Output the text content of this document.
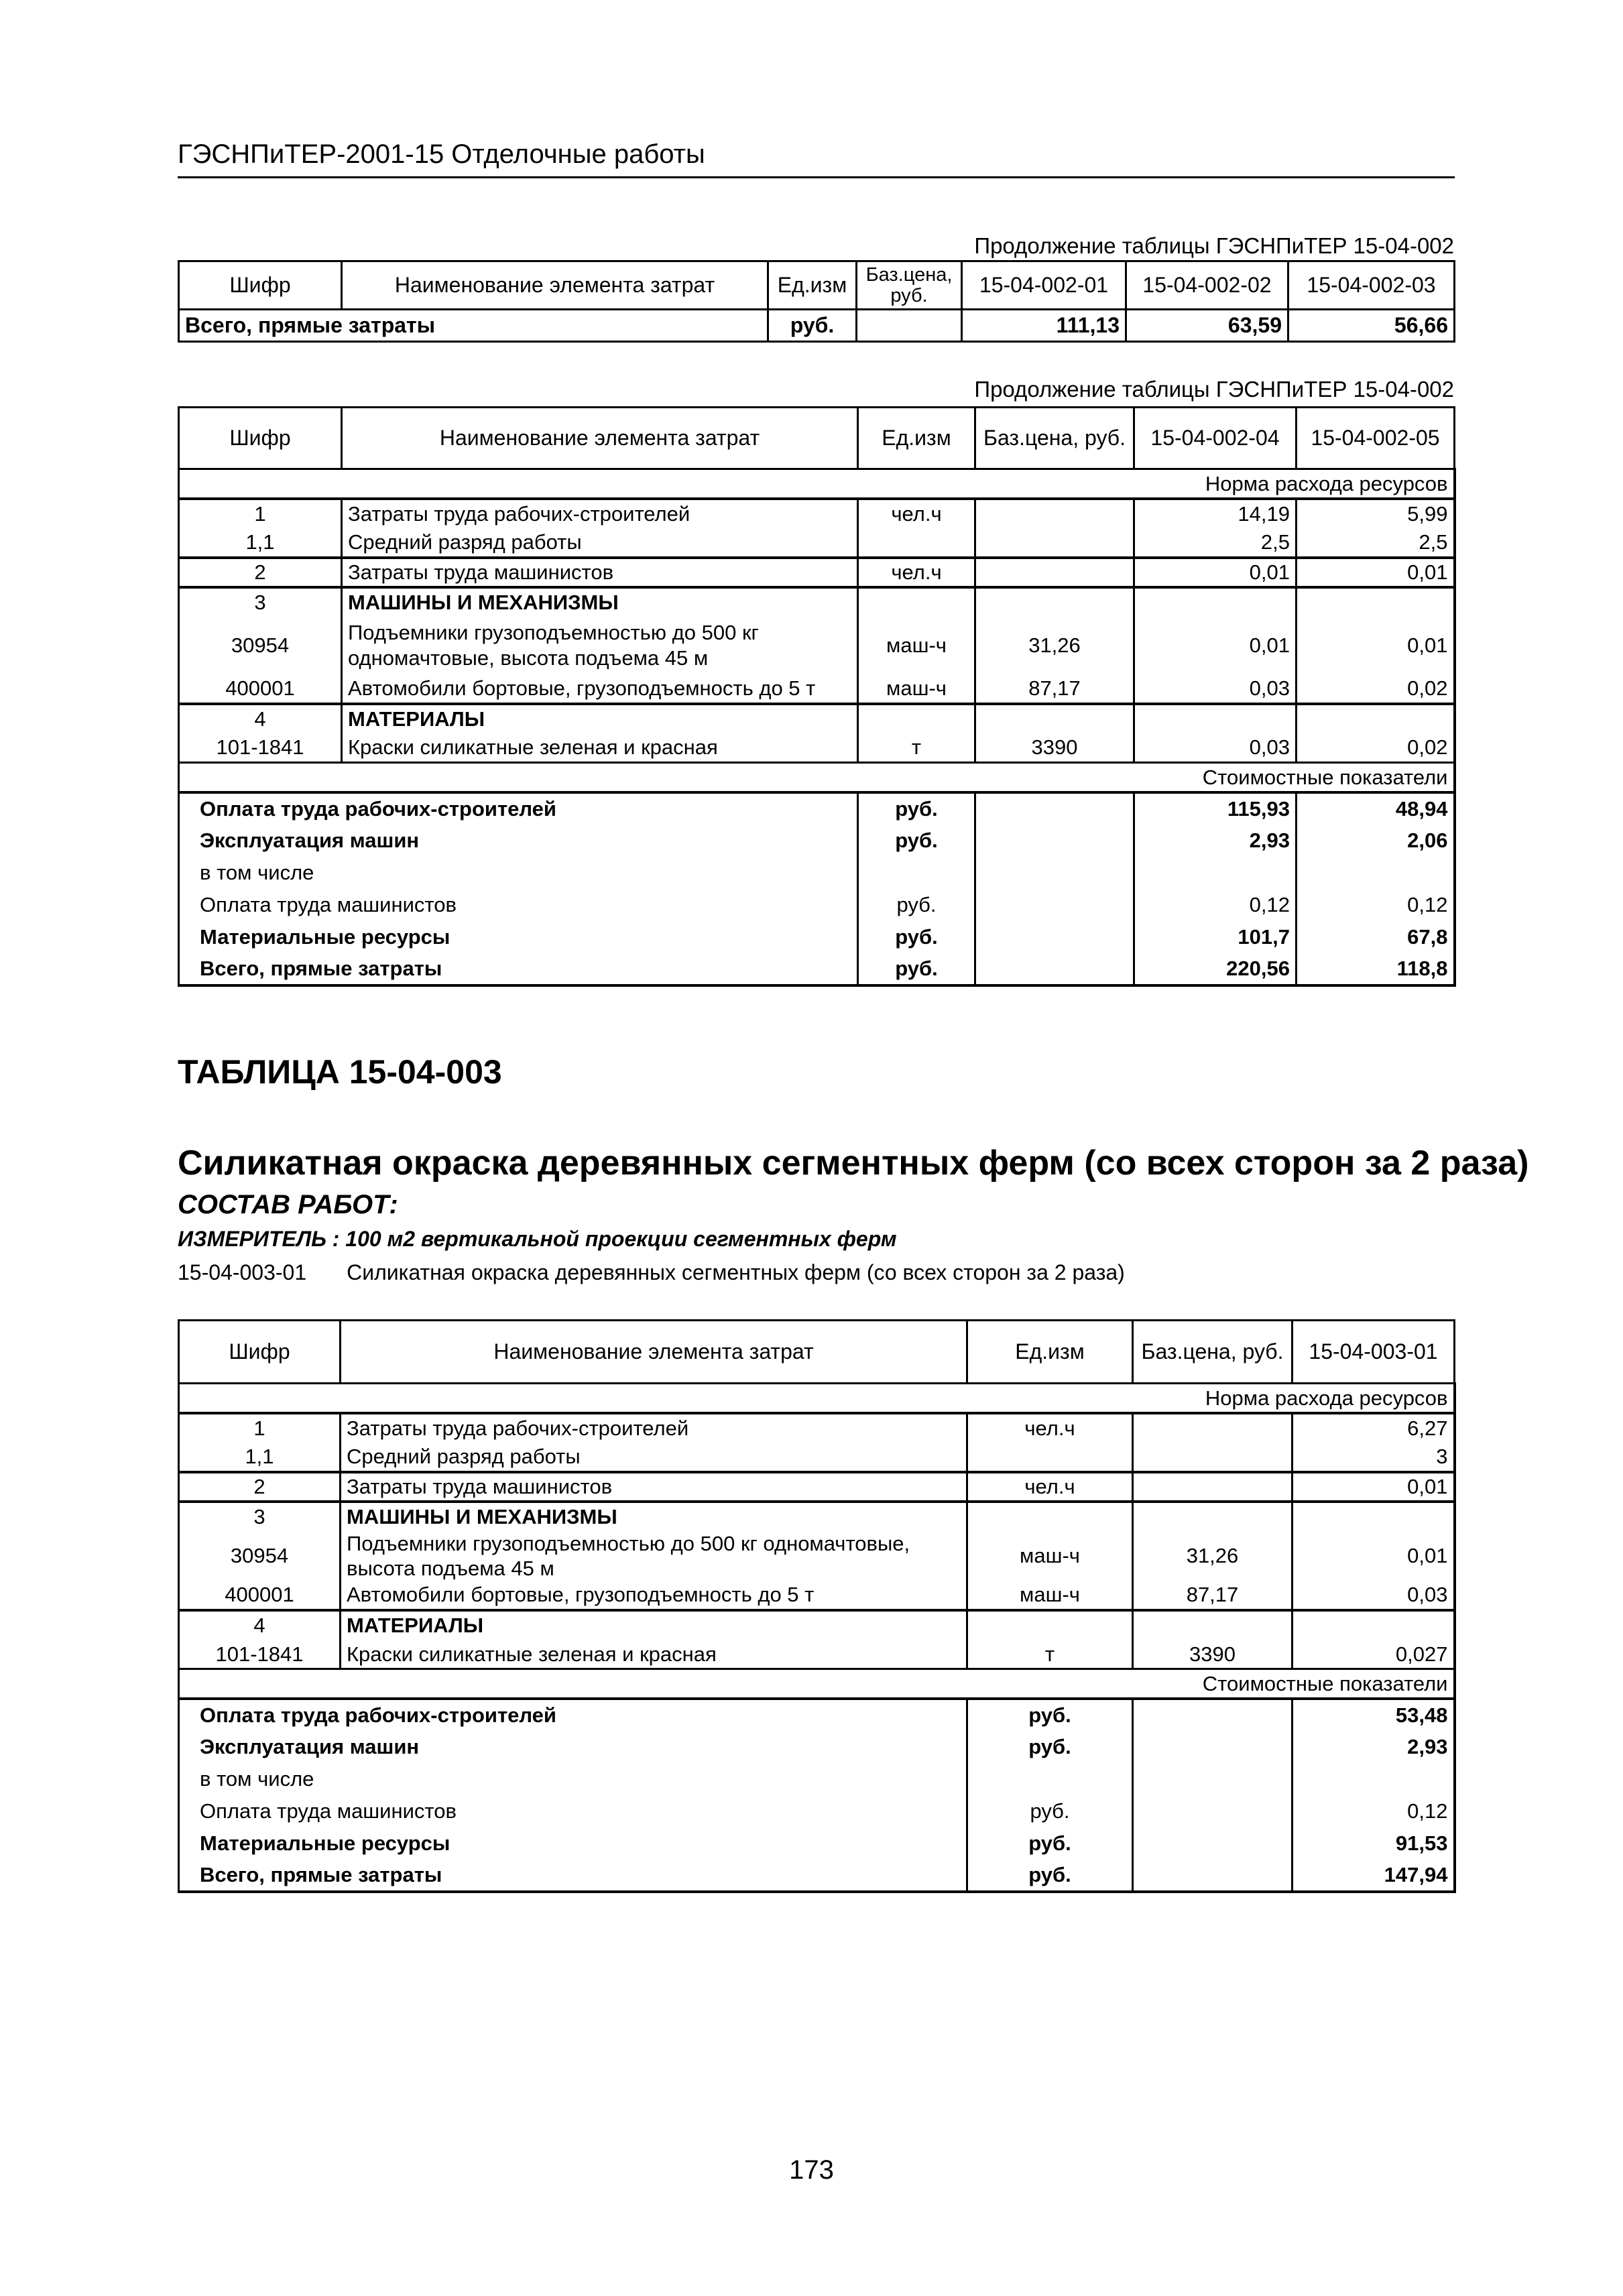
ГЭСНПиТЕР-2001-15 Отделочные работы
Продолжение таблицы ГЭСНПиТЕР 15-04-002
Шифр	Наименование элемента затрат	Ед.изм	Баз.цена, руб.	15-04-002-01	15-04-002-02	15-04-002-03
Всего, прямые затраты		руб.		111,13	63,59	56,66
Продолжение таблицы ГЭСНПиТЕР 15-04-002
Шифр	Наименование элемента затрат	Ед.изм	Баз.цена, руб.	15-04-002-04	15-04-002-05
Норма расхода ресурсов					
1	Затраты труда рабочих-строителей	чел.ч		14,19	5,99
1,1	Средний разряд работы			2,5	2,5
2	Затраты труда машинистов	чел.ч		0,01	0,01
3	МАШИНЫ И МЕХАНИЗМЫ				
30954	Подъемники грузоподъемностью до 500 кг одномачтовые, высота подъема 45 м	маш-ч	31,26	0,01	0,01
400001	Автомобили бортовые, грузоподъемность до 5 т	маш-ч	87,17	0,03	0,02
4	МАТЕРИАЛЫ				
101-1841	Краски силикатные зеленая и красная	т	3390	0,03	0,02
Стоимостные показатели					
Оплата труда рабочих-строителей		руб.		115,93	48,94
Эксплуатация машин		руб.		2,93	2,06
в том числе					
Оплата труда машинистов		руб.		0,12	0,12
Материальные ресурсы		руб.		101,7	67,8
Всего, прямые затраты		руб.		220,56	118,8
ТАБЛИЦА 15-04-003
Силикатная окраска деревянных сегментных ферм (со всех сторон за 2 раза)
СОСТАВ РАБОТ:
ИЗМЕРИТЕЛЬ : 100 м2 вертикальной проекции сегментных ферм
15-04-003-01 Силикатная окраска деревянных сегментных ферм (со всех сторон за 2 раза)
Шифр	Наименование элемента затрат	Ед.изм	Баз.цена, руб.	15-04-003-01
Норма расхода ресурсов				
1	Затраты труда рабочих-строителей	чел.ч		6,27
1,1	Средний разряд работы			3
2	Затраты труда машинистов	чел.ч		0,01
3	МАШИНЫ И МЕХАНИЗМЫ			
30954	Подъемники грузоподъемностью до 500 кг одномачтовые, высота подъема 45 м	маш-ч	31,26	0,01
400001	Автомобили бортовые, грузоподъемность до 5 т	маш-ч	87,17	0,03
4	МАТЕРИАЛЫ			
101-1841	Краски силикатные зеленая и красная	т	3390	0,027
Стоимостные показатели				
Оплата труда рабочих-строителей		руб.		53,48
Эксплуатация машин		руб.		2,93
в том числе				
Оплата труда машинистов		руб.		0,12
Материальные ресурсы		руб.		91,53
Всего, прямые затраты		руб.		147,94
173
